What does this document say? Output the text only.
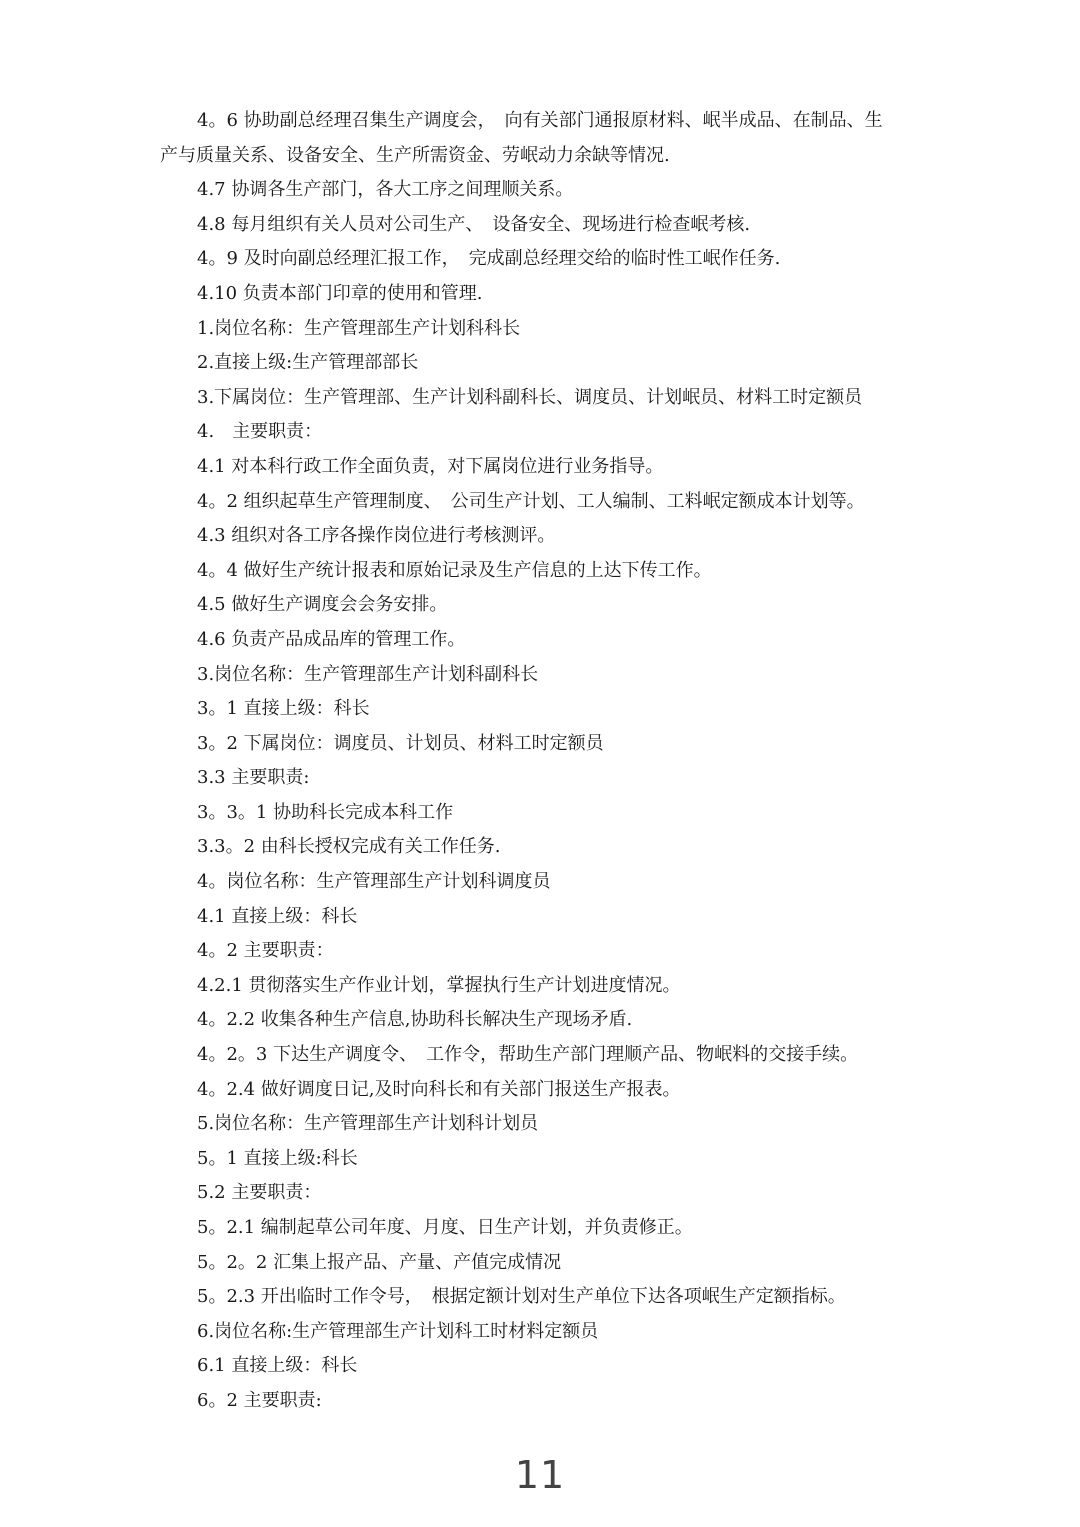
4。6 协助副总经理召集生产调度会，　向有关部门通报原材料、岷半成品、在制品、生
产与质量关系、设备安全、生产所需资金、劳岷动力余缺等情况.
4.7 协调各生产部门，各大工序之间理顺关系。
4.8 每月组织有关人员对公司生产、　设备安全、现场进行检查岷考核.
4。9 及时向副总经理汇报工作，　完成副总经理交给的临时性工岷作任务.
4.10 负责本部门印章的使用和管理.
1.岗位名称：生产管理部生产计划科科长
2.直接上级:生产管理部部长
3.下属岗位：生产管理部、生产计划科副科长、调度员、计划岷员、材料工时定额员
4.　主要职责：
4.1 对本科行政工作全面负责，对下属岗位进行业务指导。
4。2 组织起草生产管理制度、　公司生产计划、工人编制、工料岷定额成本计划等。
4.3 组织对各工序各操作岗位进行考核测评。
4。4 做好生产统计报表和原始记录及生产信息的上达下传工作。
4.5 做好生产调度会会务安排。
4.6 负责产品成品库的管理工作。
3.岗位名称：生产管理部生产计划科副科长
3。1 直接上级：科长
3。2 下属岗位：调度员、计划员、材料工时定额员
3.3 主要职责:
3。3。1 协助科长完成本科工作
3.3。2 由科长授权完成有关工作任务.
4。岗位名称：生产管理部生产计划科调度员
4.1 直接上级：科长
4。2 主要职责：
4.2.1 贯彻落实生产作业计划，掌握执行生产计划进度情况。
4。2.2 收集各种生产信息,协助科长解决生产现场矛盾.
4。2。3 下达生产调度令、　工作令，帮助生产部门理顺产品、物岷料的交接手续。
4。2.4 做好调度日记,及时向科长和有关部门报送生产报表。
5.岗位名称：生产管理部生产计划科计划员
5。1 直接上级:科长
5.2 主要职责：
5。2.1 编制起草公司年度、月度、日生产计划，并负责修正。
5。2。2 汇集上报产品、产量、产值完成情况
5。2.3 开出临时工作令号，　根据定额计划对生产单位下达各项岷生产定额指标。
6.岗位名称:生产管理部生产计划科工时材料定额员
6.1 直接上级：科长
6。2 主要职责:
11
